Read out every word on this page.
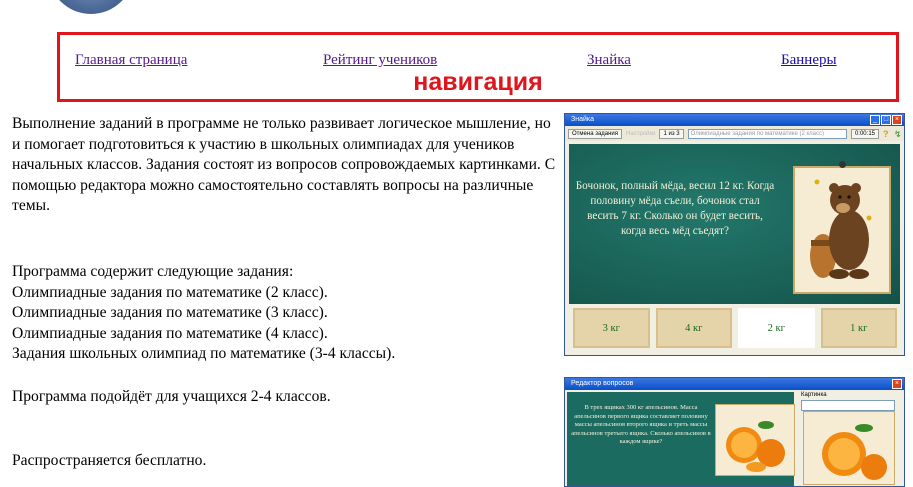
Главная страница	Рейтинг учеников	Знайка	Баннеры
навигация

Выполнение заданий в программе не только развивает логическое мышление, но и помогает подготовиться к участию в школьных олимпиадах для учеников начальных классов. Задания состоят из вопросов сопровождаемых картинками. С помощью редактора можно самостоятельно составлять вопросы на различные темы.

Программа содержит следующие задания:

Олимпиадные задания по математике (2 класс).

Олимпиадные задания по математике (3 класс).

Олимпиадные задания по математике (4 класс).

Задания школьных олимпиад по математике (3-4 классы).

Программа подойдёт для учащихся 2-4 классов.

Распространяется бесплатно.

Знайка	_ □ ×
Отмена задания	Настройки	1 из 3	Олимпиадные задания по математике (2 класс)	0:00:15 ? ↯
Бочонок, полный мёда, весил 12 кг. Когда половину мёда съели, бочонок стал весить 7 кг. Сколько он будет весить, когда весь мёд съедят?
3 кг	4 кг	2 кг	1 кг
Редактор вопросов	×
В трех ящиках 300 кг апельсинов. Масса апельсинов первого ящика составляет половину массы апельсинов второго ящика и треть массы апельсинов третьего ящика. Сколько апельсинов в каждом ящике?
Картинка
